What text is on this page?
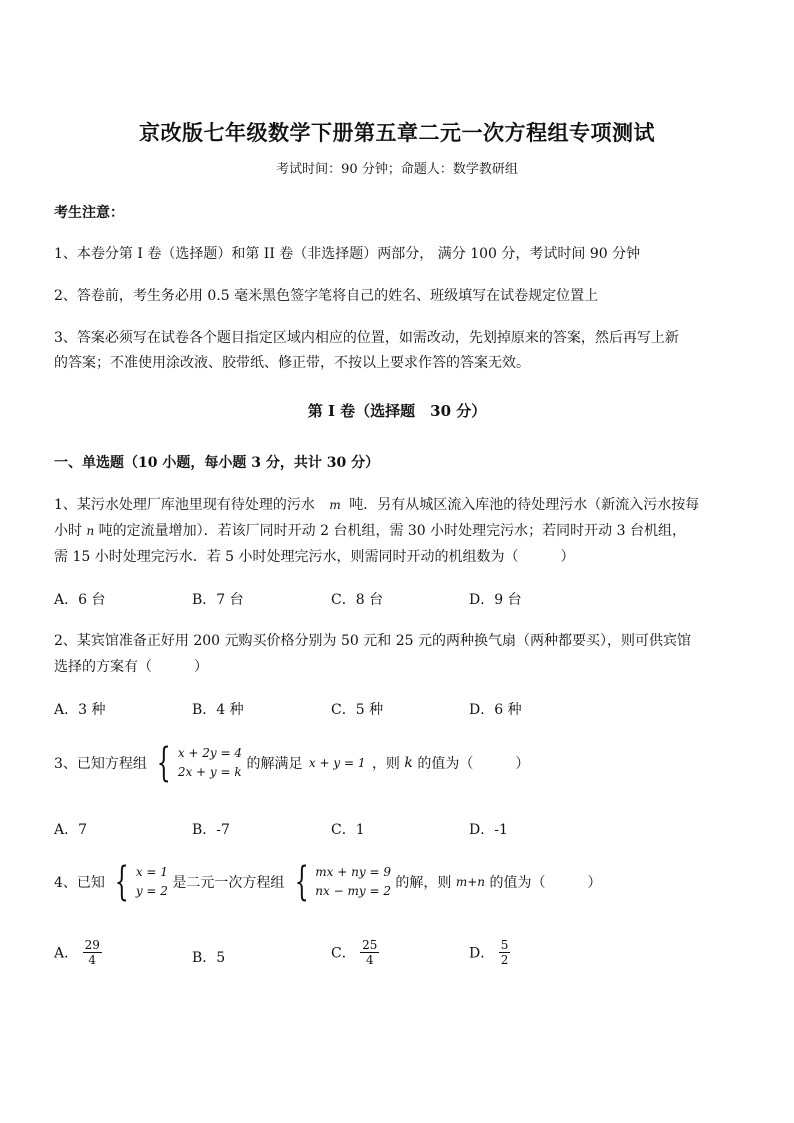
京改版七年级数学下册第五章二元一次方程组专项测试
考试时间：90 分钟；命题人：数学教研组
考生注意：
1、本卷分第 I 卷（选择题）和第 II 卷（非选择题）两部分， 满分 100 分，考试时间 90 分钟
2、答卷前，考生务必用 0.5 毫米黑色签字笔将自己的姓名、班级填写在试卷规定位置上
3、答案必须写在试卷各个题目指定区域内相应的位置，如需改动，先划掉原来的答案，然后再写上新
的答案；不准使用涂改液、胶带纸、修正带，不按以上要求作答的答案无效。
第 I 卷（选择题　30 分）
一、单选题（10 小题，每小题 3 分，共计 30 分）
1、某污水处理厂库池里现有待处理的污水 m 吨．另有从城区流入库池的待处理污水（新流入污水按每
小时 n 吨的定流量增加）．若该厂同时开动 2 台机组，需 30 小时处理完污水；若同时开动 3 台机组，
需 15 小时处理完污水．若 5 小时处理完污水，则需同时开动的机组数为（　　　）
A．6 台	B．7 台	C．8 台	D．9 台
2、某宾馆准备正好用 200 元购买价格分别为 50 元和 25 元的两种换气扇（两种都要买），则可供宾馆
选择的方案有（　　　）
A．3 种	B．4 种	C．5 种	D．6 种
3、已知方程组 { x + 2y = 4
2x + y = k 的解满足 x + y = 1 ，则 k 的值为（　　　）
A．7	B．-7	C．1	D．-1
4、已知 { x = 1
y = 2 是二元一次方程组 { mx + ny = 9
nx − my = 2 的解，则 m+n 的值为（　　　）
A． $\frac{29}{4}$	B．5	C． $\frac{25}{4}$	D． $\frac{5}{2}$
